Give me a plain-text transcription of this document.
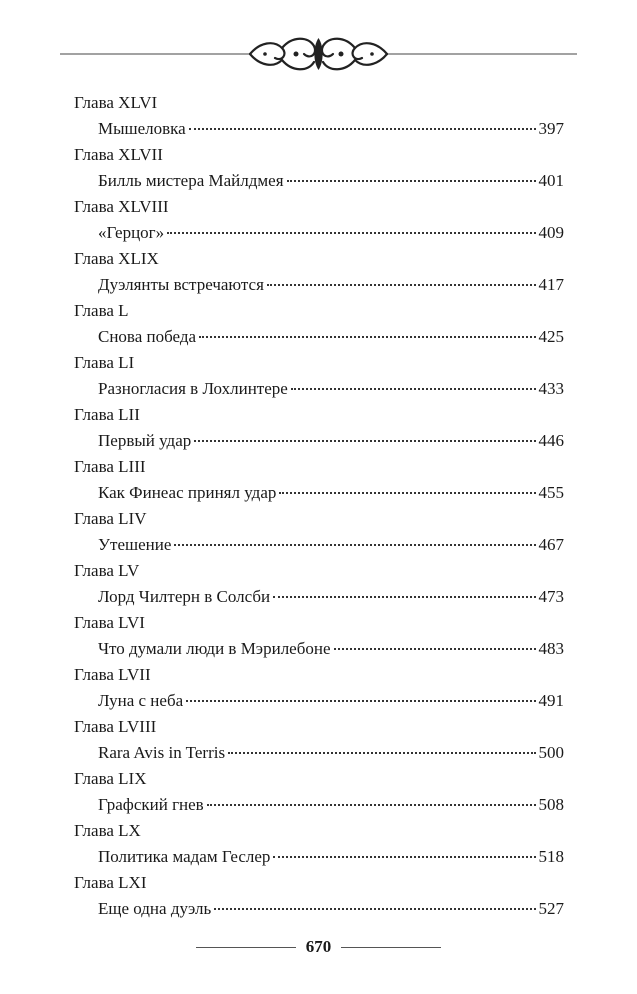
Глава XLVI
Мышеловка	397
Глава XLVII
Билль мистера Майлдмея	401
Глава XLVIII
«Герцог»	409
Глава XLIX
Дуэлянты встречаются	417
Глава L
Снова победа	425
Глава LI
Разногласия в Лохлинтере	433
Глава LII
Первый удар	446
Глава LIII
Как Финеас принял удар	455
Глава LIV
Утешение	467
Глава LV
Лорд Чилтерн в Солсби	473
Глава LVI
Что думали люди в Мэрилебоне	483
Глава LVII
Луна с неба	491
Глава LVIII
Rara Avis in Terris	500
Глава LIX
Графский гнев	508
Глава LX
Политика мадам Геслер	518
Глава LXI
Еще одна дуэль	527
670
